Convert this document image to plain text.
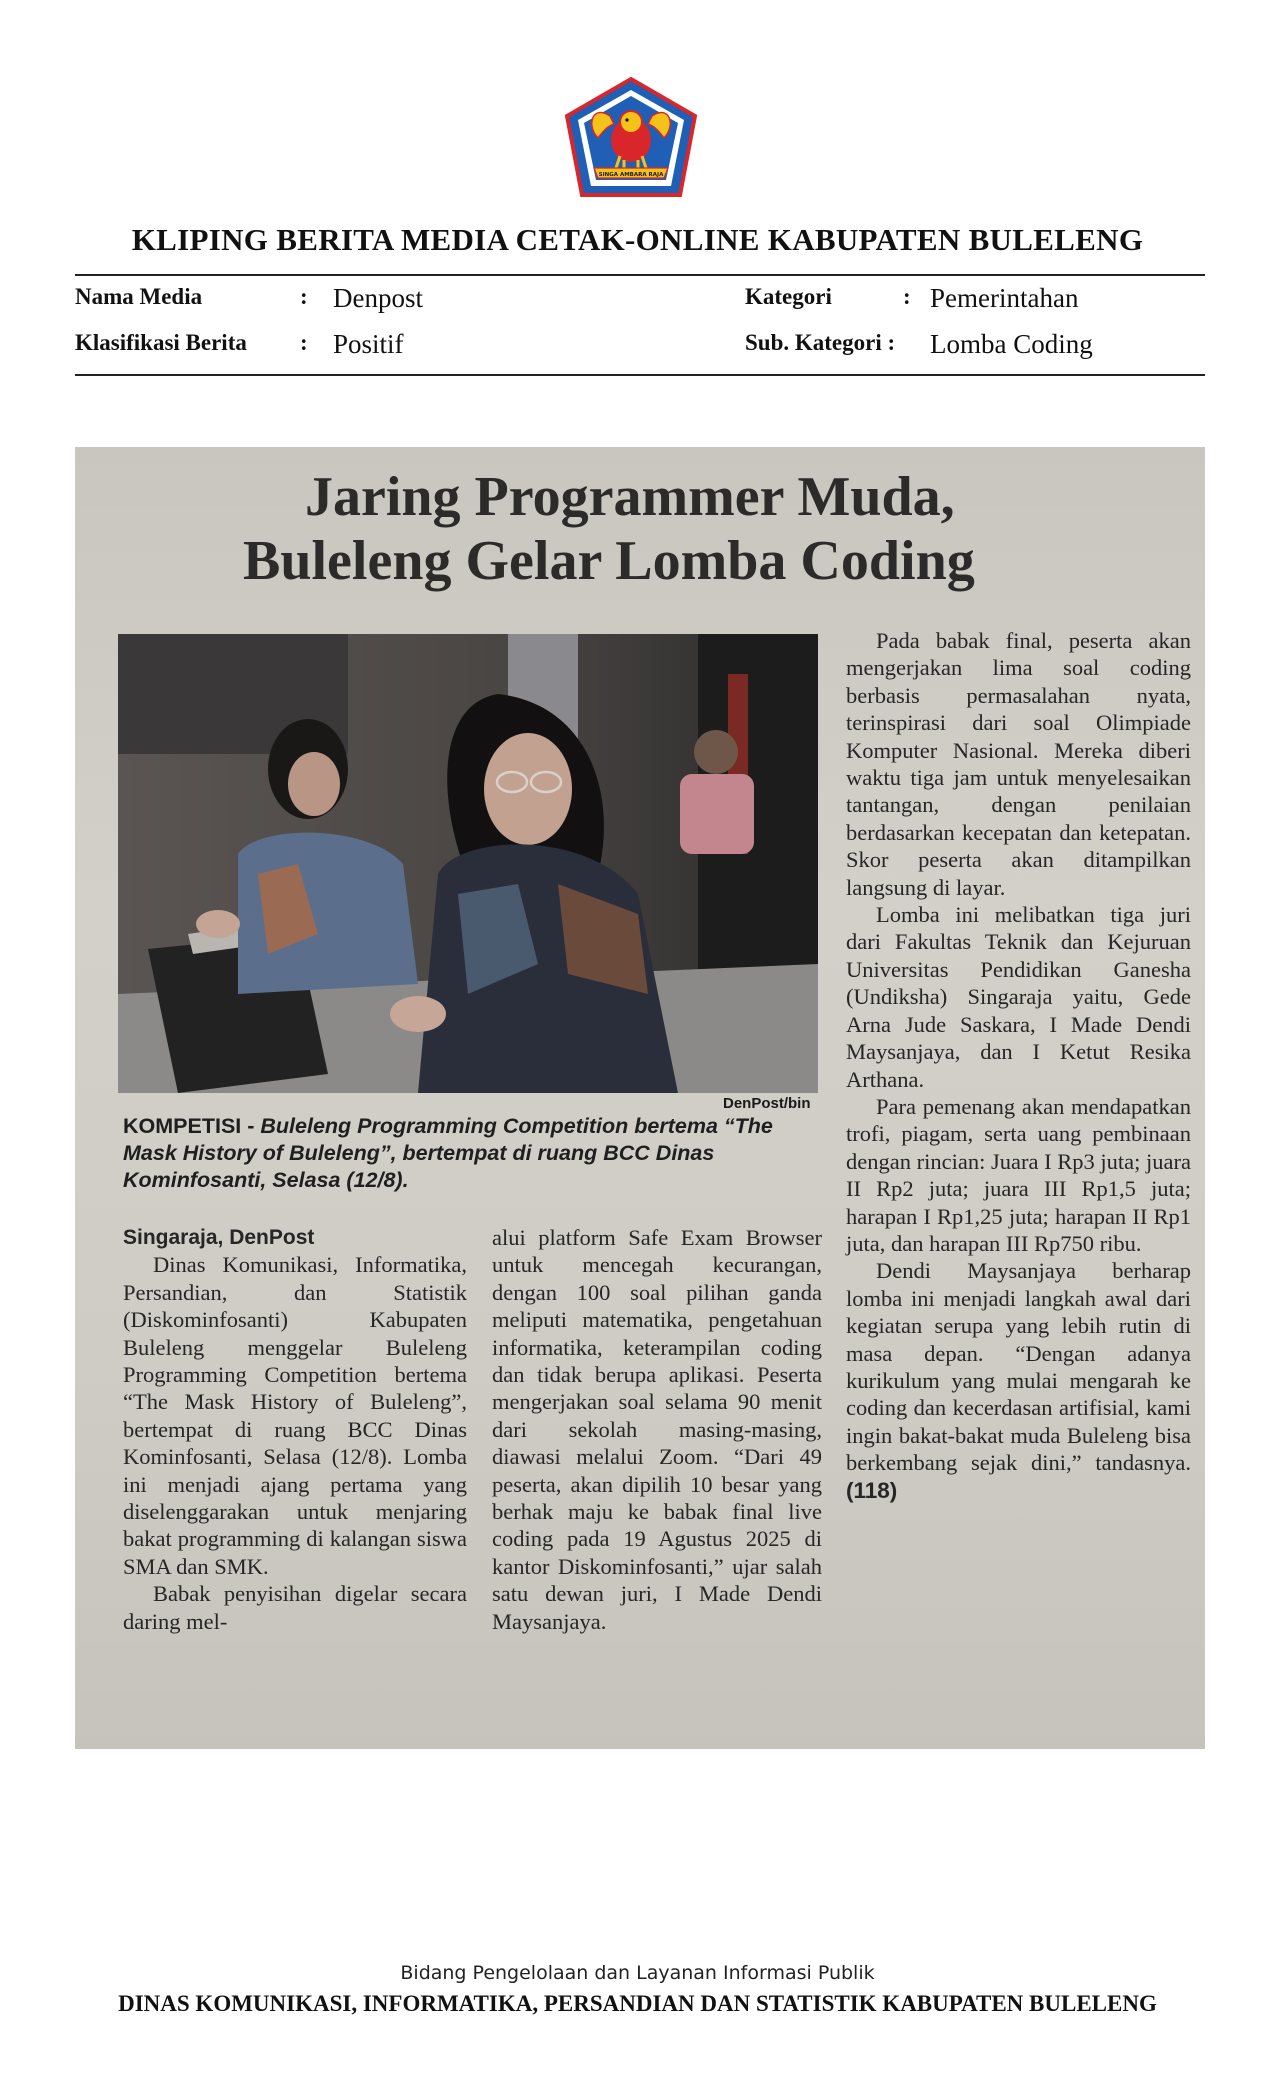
SINGA AMBARA RAJA
KLIPING BERITA MEDIA CETAK-ONLINE KABUPATEN BULELENG
Nama Media	: Denpost
Klasifikasi Berita : Positif
Kategori	: Pemerintahan
Sub. Kategori : Lomba Coding
Jaring Programmer Muda,
Buleleng Gelar Lomba Coding
DenPost/bin
KOMPETISI - Buleleng Programming Competition bertema “The Mask History of Buleleng”, bertempat di ruang BCC Dinas Kominfosanti, Selasa (12/8).

Singaraja, DenPost

Dinas Komunikasi, Informatika, Persandian, dan Statistik (Diskominfosanti) Kabupaten Buleleng menggelar Buleleng Programming Competition bertema “The Mask History of Buleleng”, bertempat di ruang BCC Dinas Kominfosanti, Selasa (12/8). Lomba ini menjadi ajang pertama yang diselenggarakan untuk menjaring bakat programming di kalangan siswa SMA dan SMK.

Babak penyisihan digelar secara daring mel-

alui platform Safe Exam Browser untuk mencegah kecurangan, dengan 100 soal pilihan ganda meliputi matematika, pengetahuan informatika, keterampilan coding dan tidak berupa aplikasi. Peserta mengerjakan soal selama 90 menit dari sekolah masing-masing, diawasi melalui Zoom. “Dari 49 peserta, akan dipilih 10 besar yang berhak maju ke babak final live coding pada 19 Agustus 2025 di kantor Diskominfosanti,” ujar salah satu dewan juri, I Made Dendi Maysanjaya.

Pada babak final, peserta akan mengerjakan lima soal coding berbasis permasalahan nyata, terinspirasi dari soal Olimpiade Komputer Nasional. Mereka diberi waktu tiga jam untuk menyelesaikan tantangan, dengan penilaian berdasarkan kecepatan dan ketepatan. Skor peserta akan ditampilkan langsung di layar.

Lomba ini melibatkan tiga juri dari Fakultas Teknik dan Kejuruan Universitas Pendidikan Ganesha (Undiksha) Singaraja yaitu, Gede Arna Jude Saskara, I Made Dendi Maysanjaya, dan I Ketut Resika Arthana.

Para pemenang akan mendapatkan trofi, piagam, serta uang pembinaan dengan rincian: Juara I Rp3 juta; juara II Rp2 juta; juara III Rp1,5 juta; harapan I Rp1,25 juta; harapan II Rp1 juta, dan harapan III Rp750 ribu.

Dendi Maysanjaya berharap lomba ini menjadi langkah awal dari kegiatan serupa yang lebih rutin di masa depan. “Dengan adanya kurikulum yang mulai mengarah ke coding dan kecerdasan artifisial, kami ingin bakat-bakat muda Buleleng bisa berkembang sejak dini,” tandasnya. (118)

Bidang Pengelolaan dan Layanan Informasi Publik
DINAS KOMUNIKASI, INFORMATIKA, PERSANDIAN DAN STATISTIK KABUPATEN BULELENG
